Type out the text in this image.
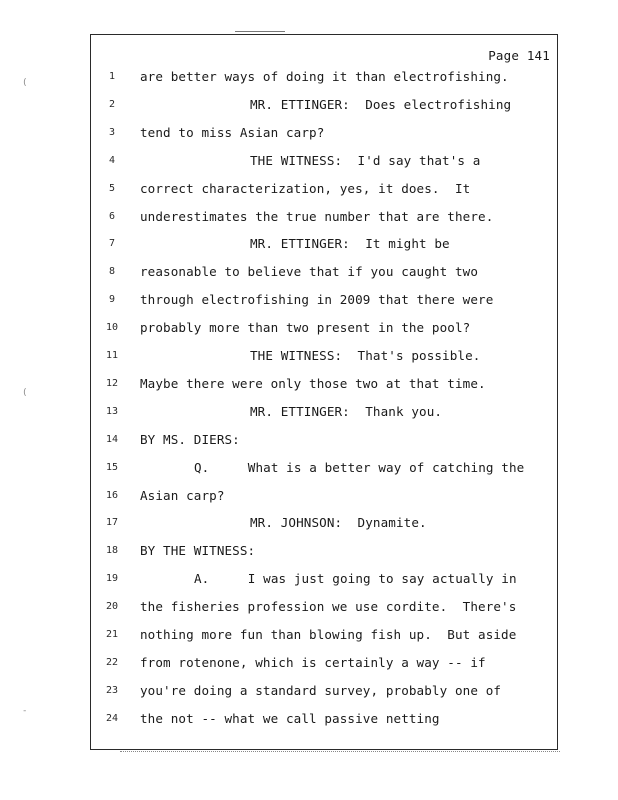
Page 141
1	are better ways of doing it than electrofishing.
2	MR. ETTINGER:  Does electrofishing
3	tend to miss Asian carp?
4	THE WITNESS:  I'd say that's a
5	correct characterization, yes, it does.  It
6	underestimates the true number that are there.
7	MR. ETTINGER:  It might be
8	reasonable to believe that if you caught two
9	through electrofishing in 2009 that there were
10	probably more than two present in the pool?
11	THE WITNESS:  That's possible.
12	Maybe there were only those two at that time.
13	MR. ETTINGER:  Thank you.
14	BY MS. DIERS:
15	Q.     What is a better way of catching the
16	Asian carp?
17	MR. JOHNSON:  Dynamite.
18	BY THE WITNESS:
19	A.     I was just going to say actually in
20	the fisheries profession we use cordite.  There's
21	nothing more fun than blowing fish up.  But aside
22	from rotenone, which is certainly a way -- if
23	you're doing a standard survey, probably one of
24	the not -- what we call passive netting
(
(
-
